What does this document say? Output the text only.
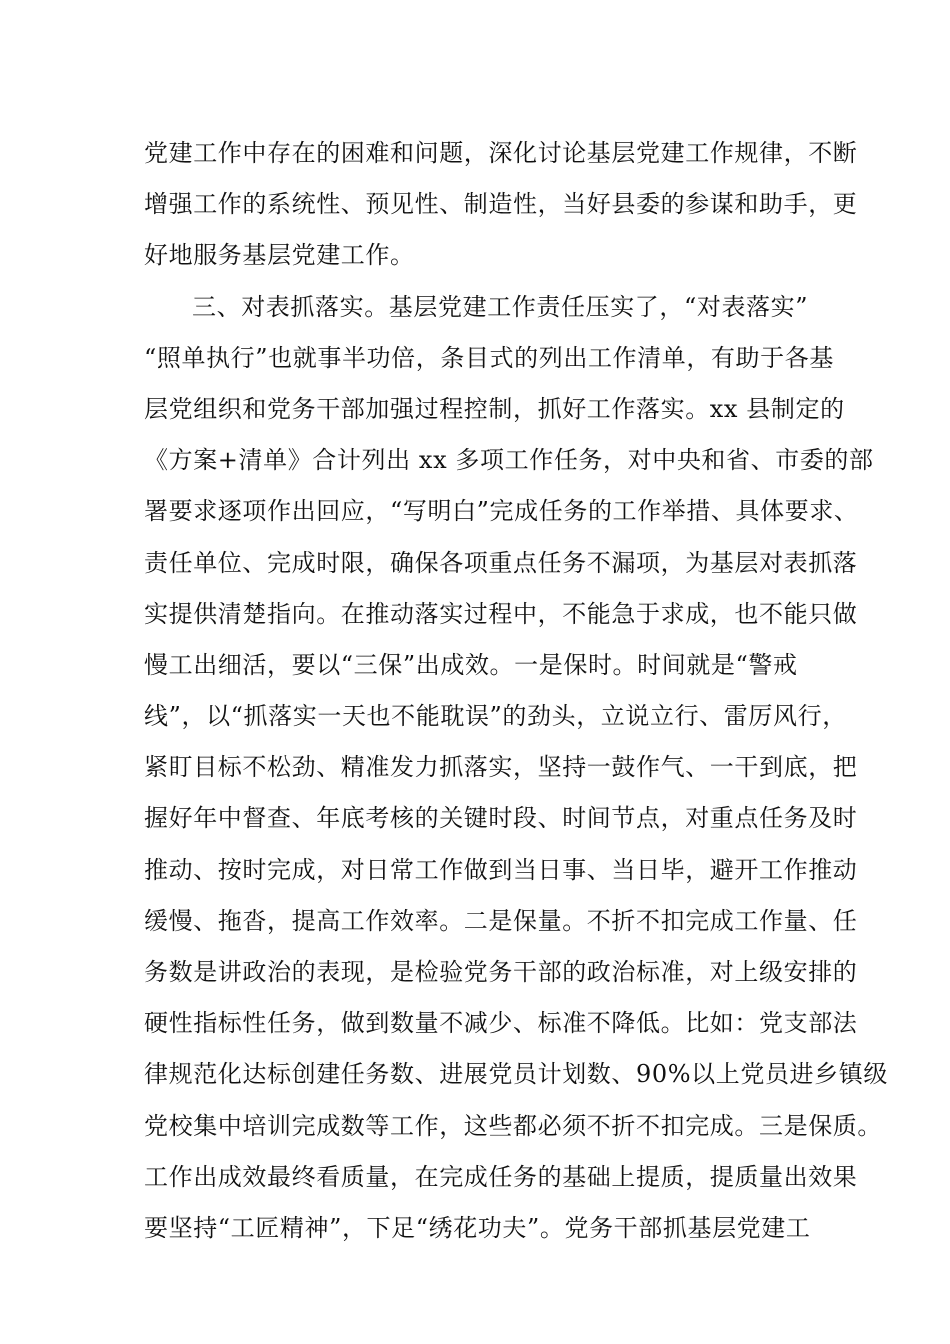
党建工作中存在的困难和问题，深化讨论基层党建工作规律，不断
增强工作的系统性、预见性、制造性，当好县委的参谋和助手，更
好地服务基层党建工作。
三、对表抓落实。基层党建工作责任压实了，“对表落实”
“照单执行”也就事半功倍，条目式的列出工作清单，有助于各基
层党组织和党务干部加强过程控制，抓好工作落实。xx 县制定的
《方案+清单》合计列出 xx 多项工作任务，对中央和省、市委的部
署要求逐项作出回应，“写明白”完成任务的工作举措、具体要求、
责任单位、完成时限，确保各项重点任务不漏项，为基层对表抓落
实提供清楚指向。在推动落实过程中，不能急于求成，也不能只做
慢工出细活，要以“三保”出成效。一是保时。时间就是“警戒
线”，以“抓落实一天也不能耽误”的劲头，立说立行、雷厉风行，
紧盯目标不松劲、精准发力抓落实，坚持一鼓作气、一干到底，把
握好年中督查、年底考核的关键时段、时间节点，对重点任务及时
推动、按时完成，对日常工作做到当日事、当日毕，避开工作推动
缓慢、拖沓，提高工作效率。二是保量。不折不扣完成工作量、任
务数是讲政治的表现，是检验党务干部的政治标准，对上级安排的
硬性指标性任务，做到数量不减少、标准不降低。比如：党支部法
律规范化达标创建任务数、进展党员计划数、90%以上党员进乡镇级
党校集中培训完成数等工作，这些都必须不折不扣完成。三是保质。
工作出成效最终看质量，在完成任务的基础上提质，提质量出效果
要坚持“工匠精神”，下足“绣花功夫”。党务干部抓基层党建工
